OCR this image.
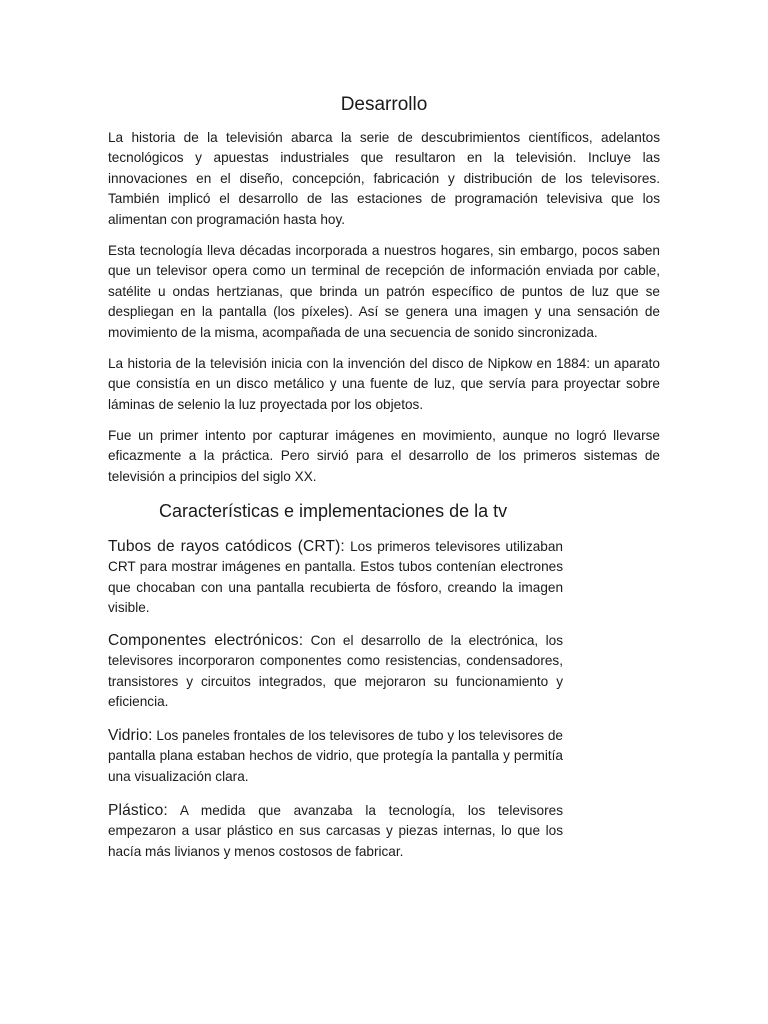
Desarrollo

La historia de la televisión abarca la serie de descubrimientos científicos, adelantos tecnológicos y apuestas industriales que resultaron en la televisión. Incluye las innovaciones en el diseño, concepción, fabricación y distribución de los televisores. También implicó el desarrollo de las estaciones de programación televisiva que los alimentan con programación hasta hoy.

Esta tecnología lleva décadas incorporada a nuestros hogares, sin embargo, pocos saben que un televisor opera como un terminal de recepción de información enviada por cable, satélite u ondas hertzianas, que brinda un patrón específico de puntos de luz que se despliegan en la pantalla (los píxeles). Así se genera una imagen y una sensación de movimiento de la misma, acompañada de una secuencia de sonido sincronizada.

La historia de la televisión inicia con la invención del disco de Nipkow en 1884: un aparato que consistía en un disco metálico y una fuente de luz, que servía para proyectar sobre láminas de selenio la luz proyectada por los objetos.

Fue un primer intento por capturar imágenes en movimiento, aunque no logró llevarse eficazmente a la práctica. Pero sirvió para el desarrollo de los primeros sistemas de televisión a principios del siglo XX.

Características e implementaciones de la tv

Tubos de rayos catódicos (CRT): Los primeros televisores utilizaban CRT para mostrar imágenes en pantalla. Estos tubos contenían electrones que chocaban con una pantalla recubierta de fósforo, creando la imagen visible.

Componentes electrónicos: Con el desarrollo de la electrónica, los televisores incorporaron componentes como resistencias, condensadores, transistores y circuitos integrados, que mejoraron su funcionamiento y eficiencia.

Vidrio: Los paneles frontales de los televisores de tubo y los televisores de pantalla plana estaban hechos de vidrio, que protegía la pantalla y permitía una visualización clara.

Plástico: A medida que avanzaba la tecnología, los televisores empezaron a usar plástico en sus carcasas y piezas internas, lo que los hacía más livianos y menos costosos de fabricar.
